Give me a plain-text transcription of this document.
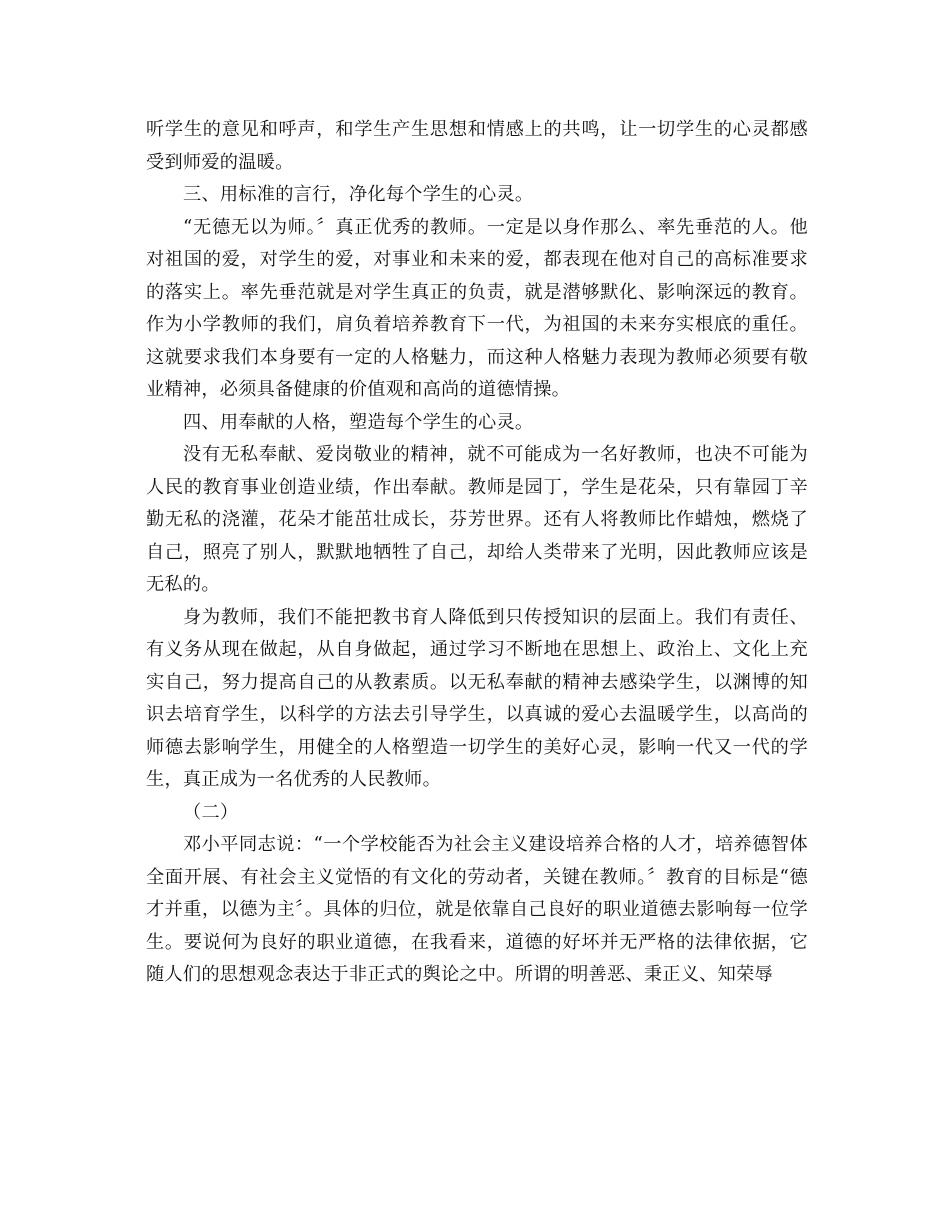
听学生的意见和呼声，和学生产生思想和情感上的共鸣，让一切学生的心灵都感受到师爱的温暖。

三、用标准的言行，净化每个学生的心灵。

“无德无以为师。〞真正优秀的教师。一定是以身作那么、率先垂范的人。他对祖国的爱，对学生的爱，对事业和未来的爱，都表现在他对自己的高标准要求的落实上。率先垂范就是对学生真正的负责，就是潜够默化、影响深远的教育。作为小学教师的我们，肩负着培养教育下一代，为祖国的未来夯实根底的重任。这就要求我们本身要有一定的人格魅力，而这种人格魅力表现为教师必须要有敬业精神，必须具备健康的价值观和高尚的道德情操。

四、用奉献的人格，塑造每个学生的心灵。

没有无私奉献、爱岗敬业的精神，就不可能成为一名好教师，也决不可能为人民的教育事业创造业绩，作出奉献。教师是园丁，学生是花朵，只有靠园丁辛勤无私的浇灌，花朵才能茁壮成长，芬芳世界。还有人将教师比作蜡烛，燃烧了自己，照亮了别人，默默地牺牲了自己，却给人类带来了光明，因此教师应该是无私的。

身为教师，我们不能把教书育人降低到只传授知识的层面上。我们有责任、有义务从现在做起，从自身做起，通过学习不断地在思想上、政治上、文化上充实自己，努力提高自己的从教素质。以无私奉献的精神去感染学生，以渊博的知识去培育学生，以科学的方法去引导学生，以真诚的爱心去温暖学生，以高尚的师德去影响学生，用健全的人格塑造一切学生的美好心灵，影响一代又一代的学生，真正成为一名优秀的人民教师。

（二）

邓小平同志说：“一个学校能否为社会主义建设培养合格的人才，培养德智体全面开展、有社会主义觉悟的有文化的劳动者，关键在教师。〞教育的目标是“德才并重，以德为主〞。具体的归位，就是依靠自己良好的职业道德去影响每一位学生。要说何为良好的职业道德，在我看来，道德的好坏并无严格的法律依据，它随人们的思想观念表达于非正式的舆论之中。所谓的明善恶、秉正义、知荣辱
